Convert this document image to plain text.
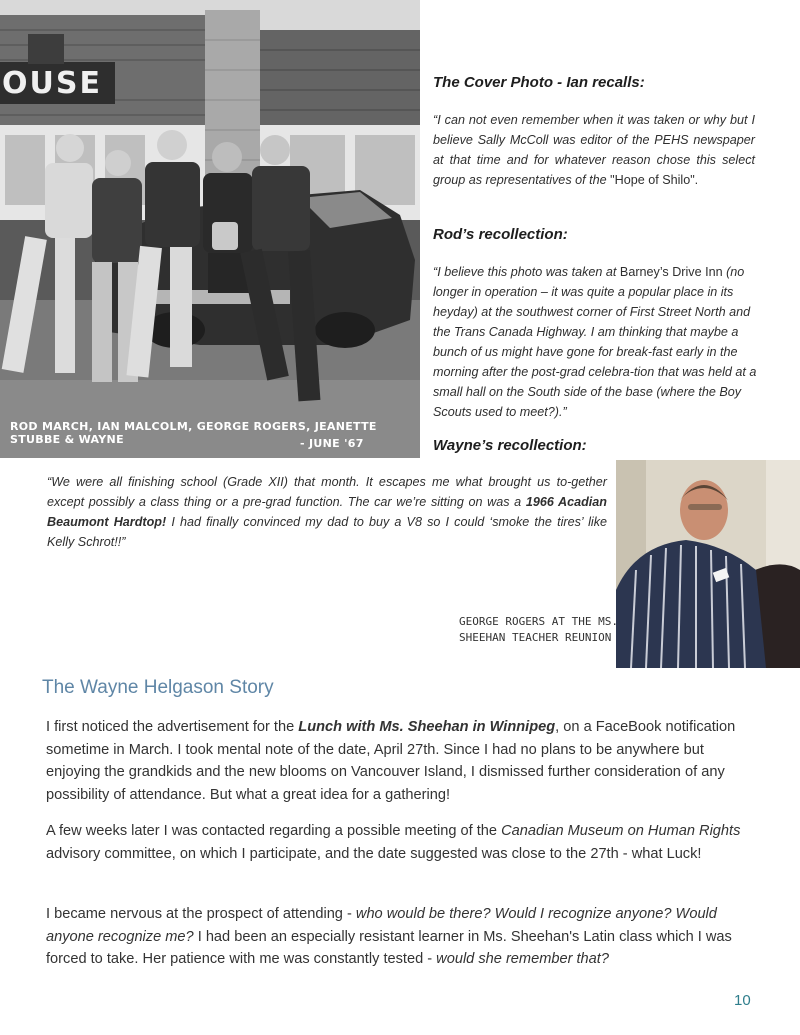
OUSE
ROD MARCH, IAN MALCOLM, GEORGE ROGERS, JEANETTE STUBBE & WAYNE	- JUNE '67
The Cover Photo - Ian recalls:
“I can not even remember when it was taken or why but I believe Sally McColl was editor of the PEHS newspaper at that time and for whatever reason chose this select group as representatives of the "Hope of Shilo".
Rod’s recollection:
“I believe this photo was taken at Barney’s Drive Inn (no longer in operation – it was quite a popular place in its heyday) at the southwest corner of First Street North and the Trans Canada Highway. I am thinking that maybe a bunch of us might have gone for break-fast early in the morning after the post-grad celebra-tion that was held at a small hall on the South side of the base (where the Boy Scouts used to meet?).”
Wayne’s recollection:
“We were all finishing school (Grade XII) that month. It escapes me what brought us to-gether except possibly a class thing or a pre-grad function. The car we’re sitting on was a 1966 Acadian Beaumont Hardtop! I had finally convinced my dad to buy a V8 so I could ‘smoke the tires’ like Kelly Schrot!!”
GEORGE ROGERS AT THE MS.
SHEEHAN TEACHER REUNION
The Wayne Helgason Story
I first noticed the advertisement for the Lunch with Ms. Sheehan in Winnipeg, on a FaceBook notification sometime in March. I took mental note of the date, April 27th. Since I had no plans to be anywhere but enjoying the grandkids and the new blooms on Vancouver Island, I dismissed further consideration of any possibility of attendance. But what a great idea for a gathering!
A few weeks later I was contacted regarding a possible meeting of the Canadian Museum on Human Rights advisory committee, on which I participate, and the date suggested was close to the 27th - what Luck!
I became nervous at the prospect of attending - who would be there? Would I recognize anyone? Would anyone recognize me? I had been an especially resistant learner in Ms. Sheehan's Latin class which I was forced to take. Her patience with me was constantly tested - would she remember that?
10
